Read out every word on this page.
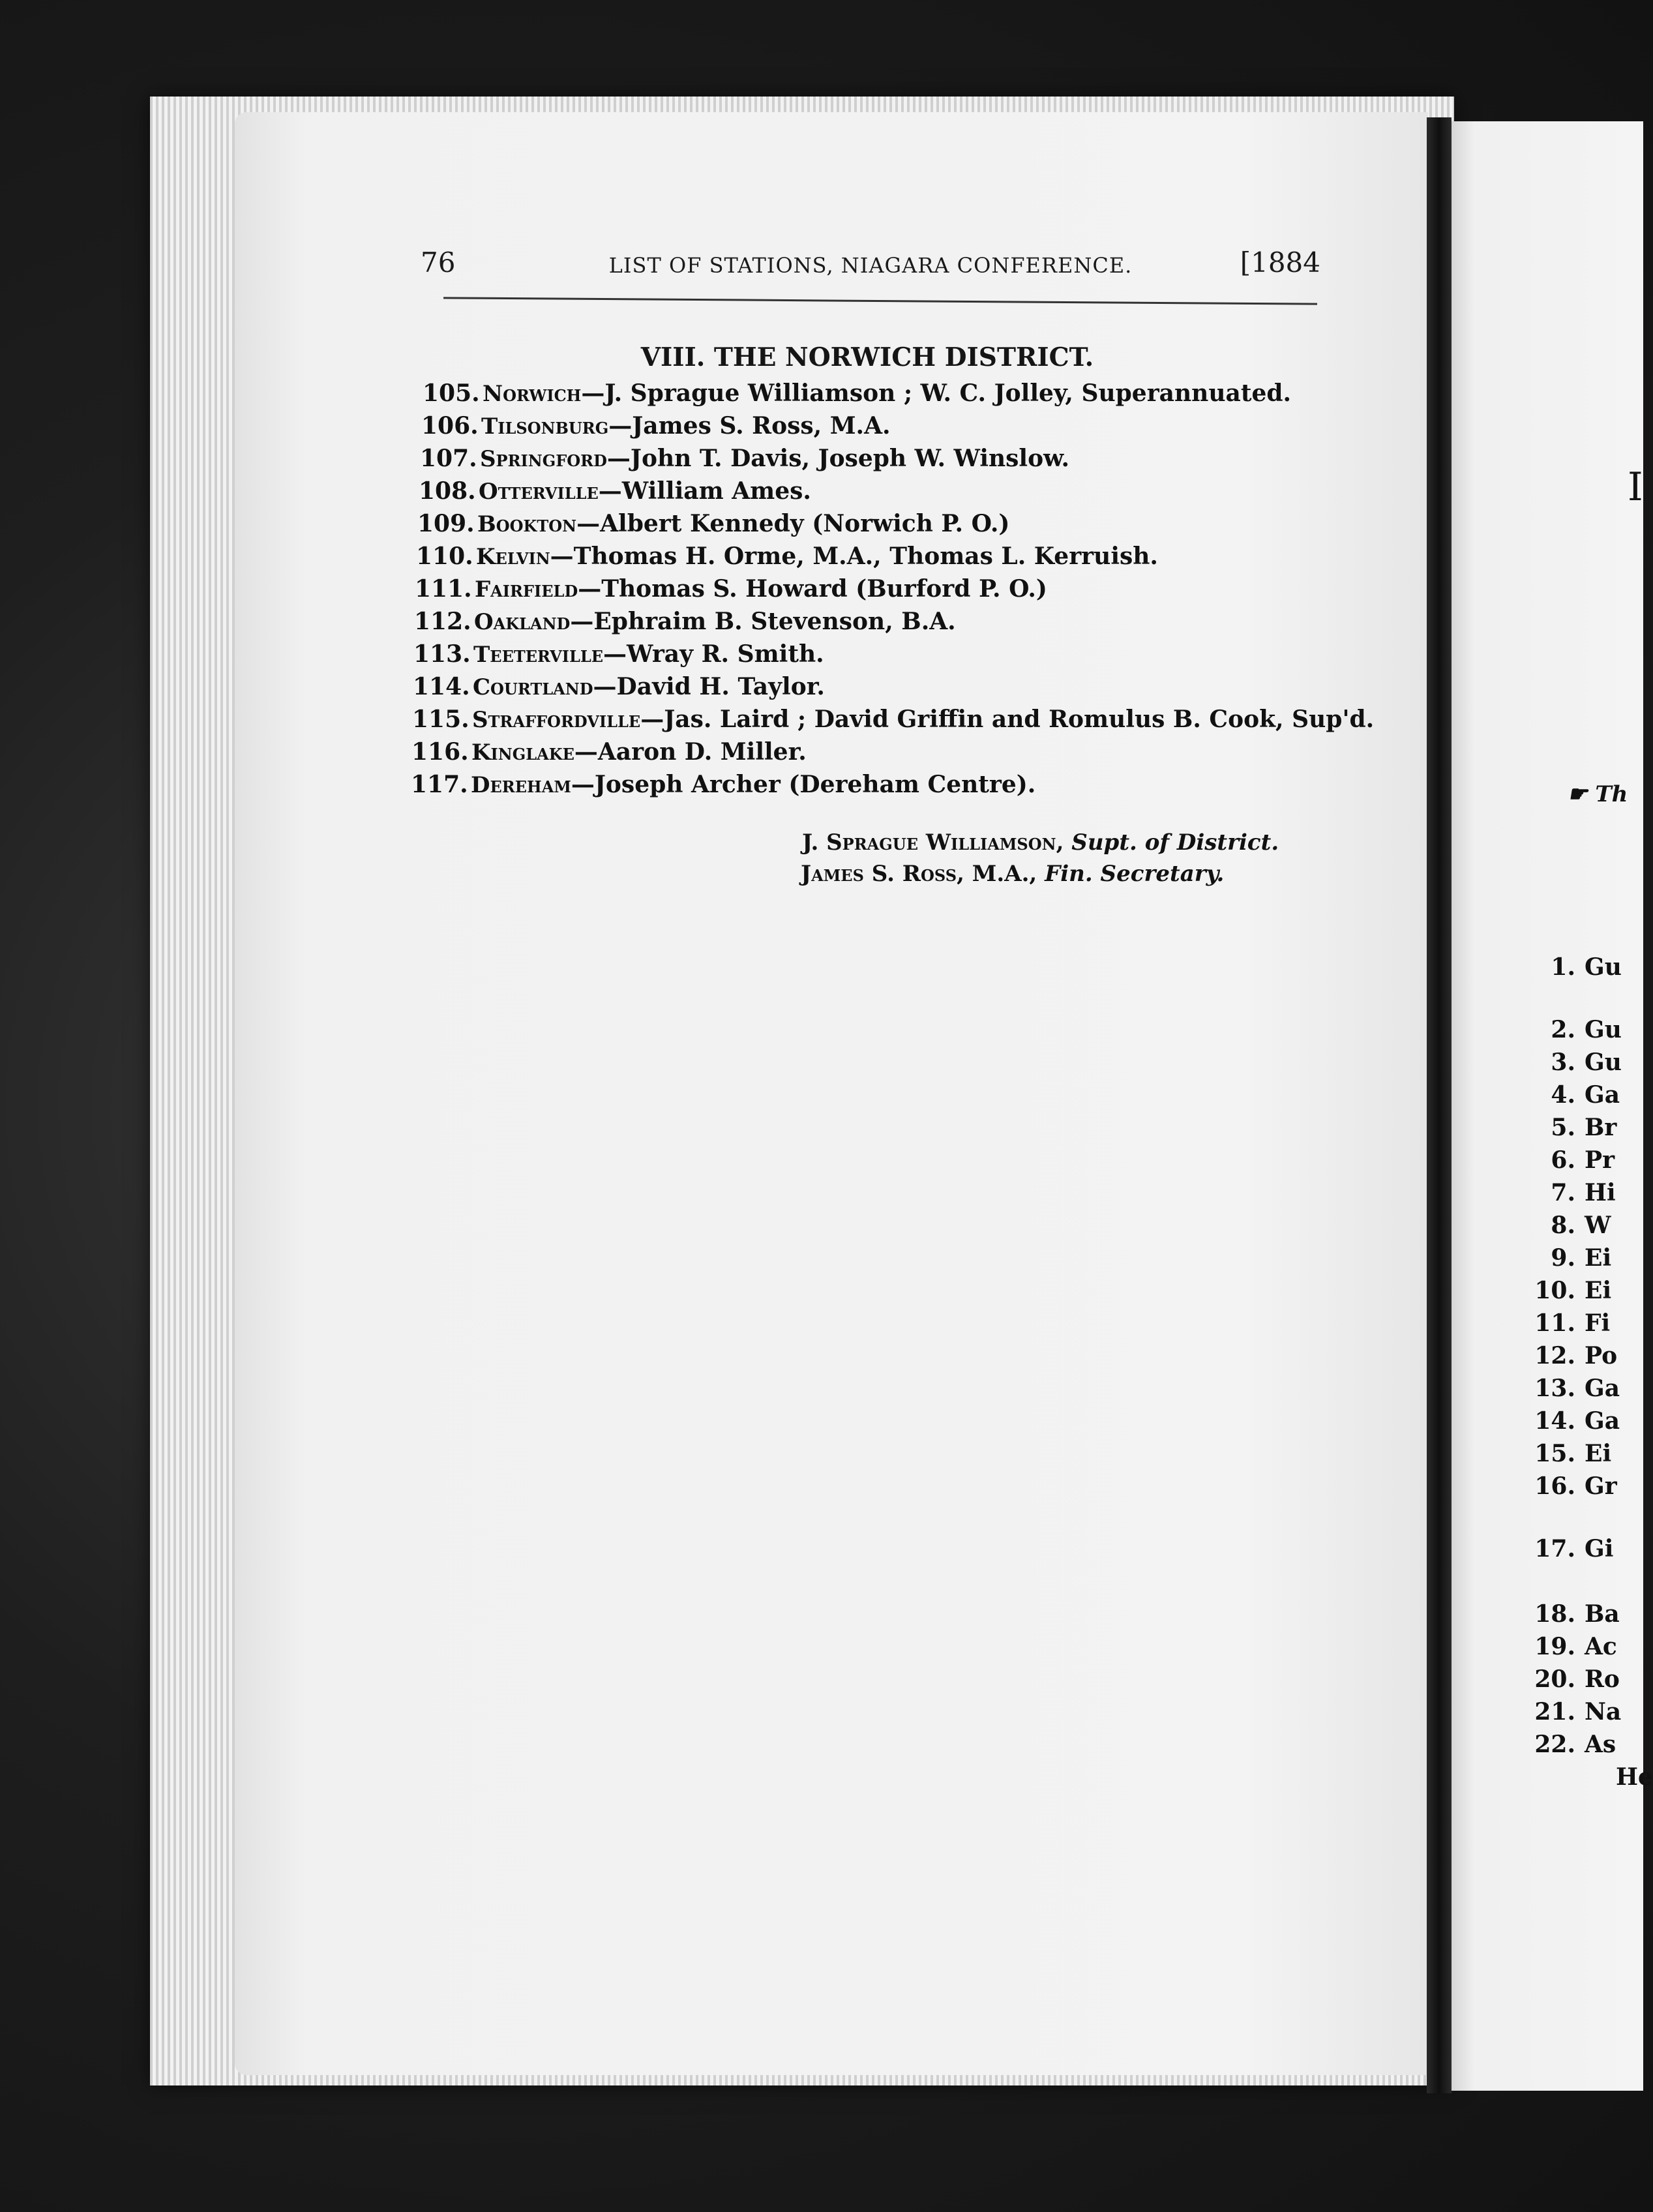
76	LIST OF STATIONS, NIAGARA CONFERENCE.	[1884
VIII. THE NORWICH DISTRICT.
105. Norwich—J. Sprague Williamson ; W. C. Jolley, Superannuated.
106. Tilsonburg—James S. Ross, M.A.
107. Springford—John T. Davis, Joseph W. Winslow.
108. Otterville—William Ames.
109. Bookton—Albert Kennedy (Norwich P. O.)
110. Kelvin—Thomas H. Orme, M.A., Thomas L. Kerruish.
111. Fairfield—Thomas S. Howard (Burford P. O.)
112. Oakland—Ephraim B. Stevenson, B.A.
113. Teeterville—Wray R. Smith.
114. Courtland—David H. Taylor.
115. Straffordville—Jas. Laird ; David Griffin and Romulus B. Cook, Sup'd.
116. Kinglake—Aaron D. Miller.
117. Dereham—Joseph Archer (Dereham Centre).
J. Sprague Williamson, Supt. of District.
James S. Ross, M.A., Fin. Secretary.
I
☛ Th
1. Gu
2. Gu
3. Gu
4. Ga
5. Br
6. Pr
7. Hi
8. W
9. Ei
10. Ei
11. Fi
12. Po
13. Ga
14. Ga
15. Ei
16. Gr
17. Gi
18. Ba
19. Ac
20. Ro
21. Na
22. As
He
